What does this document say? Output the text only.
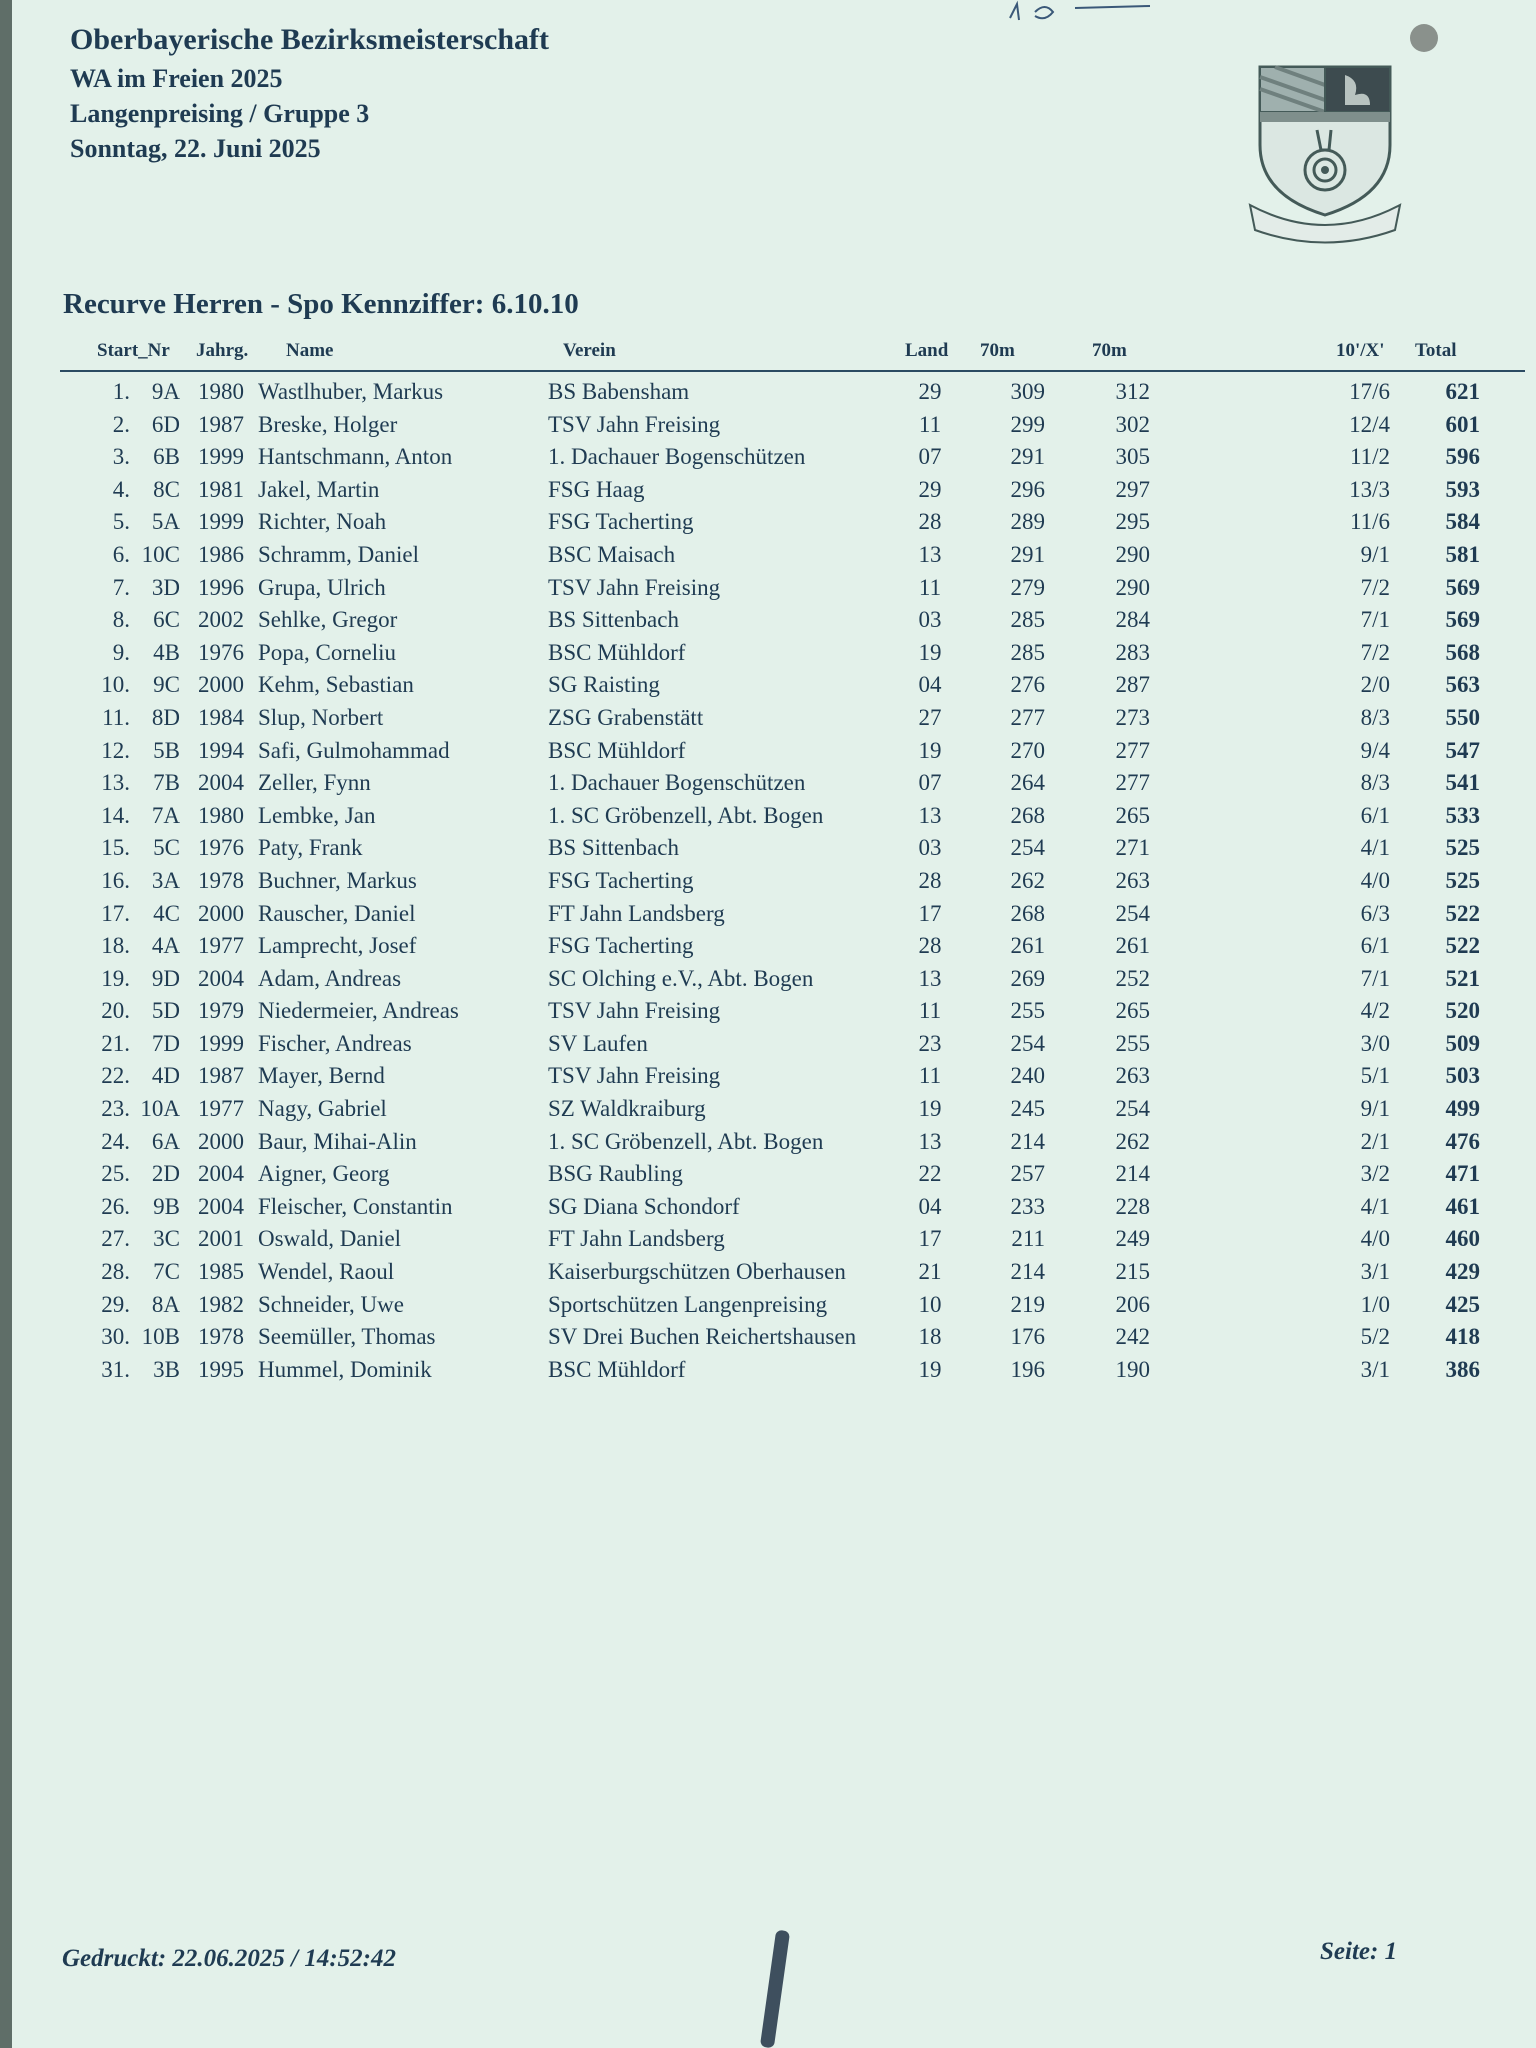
Oberbayerische Bezirksmeisterschaft
WA im Freien 2025
Langenpreising / Gruppe 3
Sonntag, 22. Juni 2025
Recurve Herren - Spo Kennziffer: 6.10.10
Start_Nr Jahrg. Name	Verein	Land 70m	70m	10'/X' Total
1. 9A 1980 Wastlhuber, Markus	BS Babensham	29	309	312	17/6	621
2. 6D 1987 Breske, Holger	TSV Jahn Freising	11	299	302	12/4	601
3.	6B 1999 Hantschmann, Anton	1. Dachauer Bogenschützen	07	291	305	11/2	596
4.	8C 1981 Jakel, Martin	FSG Haag	29	296	297	13/3	593
5. 5A 1999 Richter, Noah	FSG Tacherting	28	289	295	11/6	584
6. 10C 1986 Schramm, Daniel	BSC Maisach	13	291	290	9/1	581
7. 3D 1996 Grupa, Ulrich	TSV Jahn Freising	11	279	290	7/2	569
8.	6C 2002 Sehlke, Gregor	BS Sittenbach	03	285	284	7/1	569
9.	4B 1976 Popa, Corneliu	BSC Mühldorf	19	285	283	7/2	568
10.	9C 2000 Kehm, Sebastian	SG Raisting	04	276	287	2/0	563
11. 8D 1984 Slup, Norbert	ZSG Grabenstätt	27	277	273	8/3	550
12.	5B 1994 Safi, Gulmohammad	BSC Mühldorf	19	270	277	9/4	547
13.	7B 2004 Zeller, Fynn	1. Dachauer Bogenschützen	07	264	277	8/3	541
14. 7A 1980 Lembke, Jan	1. SC Gröbenzell, Abt. Bogen	13	268	265	6/1	533
15.	5C 1976 Paty, Frank	BS Sittenbach	03	254	271	4/1	525
16. 3A 1978 Buchner, Markus	FSG Tacherting	28	262	263	4/0	525
17.	4C 2000 Rauscher, Daniel	FT Jahn Landsberg	17	268	254	6/3	522
18. 4A 1977 Lamprecht, Josef	FSG Tacherting	28	261	261	6/1	522
19. 9D 2004 Adam, Andreas	SC Olching e.V., Abt. Bogen	13	269	252	7/1	521
20. 5D 1979 Niedermeier, Andreas	TSV Jahn Freising	11	255	265	4/2	520
21. 7D 1999 Fischer, Andreas	SV Laufen	23	254	255	3/0	509
22. 4D 1987 Mayer, Bernd	TSV Jahn Freising	11	240	263	5/1	503
23. 10A 1977 Nagy, Gabriel	SZ Waldkraiburg	19	245	254	9/1	499
24. 6A 2000 Baur, Mihai-Alin	1. SC Gröbenzell, Abt. Bogen	13	214	262	2/1	476
25. 2D 2004 Aigner, Georg	BSG Raubling	22	257	214	3/2	471
26.	9B 2004 Fleischer, Constantin	SG Diana Schondorf	04	233	228	4/1	461
27.	3C 2001 Oswald, Daniel	FT Jahn Landsberg	17	211	249	4/0	460
28.	7C 1985 Wendel, Raoul	Kaiserburgschützen Oberhausen	21	214	215	3/1	429
29. 8A 1982 Schneider, Uwe	Sportschützen Langenpreising	10	219	206	1/0	425
30. 10B 1978 Seemüller, Thomas	SV Drei Buchen Reichertshausen	18	176	242	5/2	418
31.	3B 1995 Hummel, Dominik	BSC Mühldorf	19	196	190	3/1	386
Gedruckt: 22.06.2025 / 14:52:42	Seite: 1
